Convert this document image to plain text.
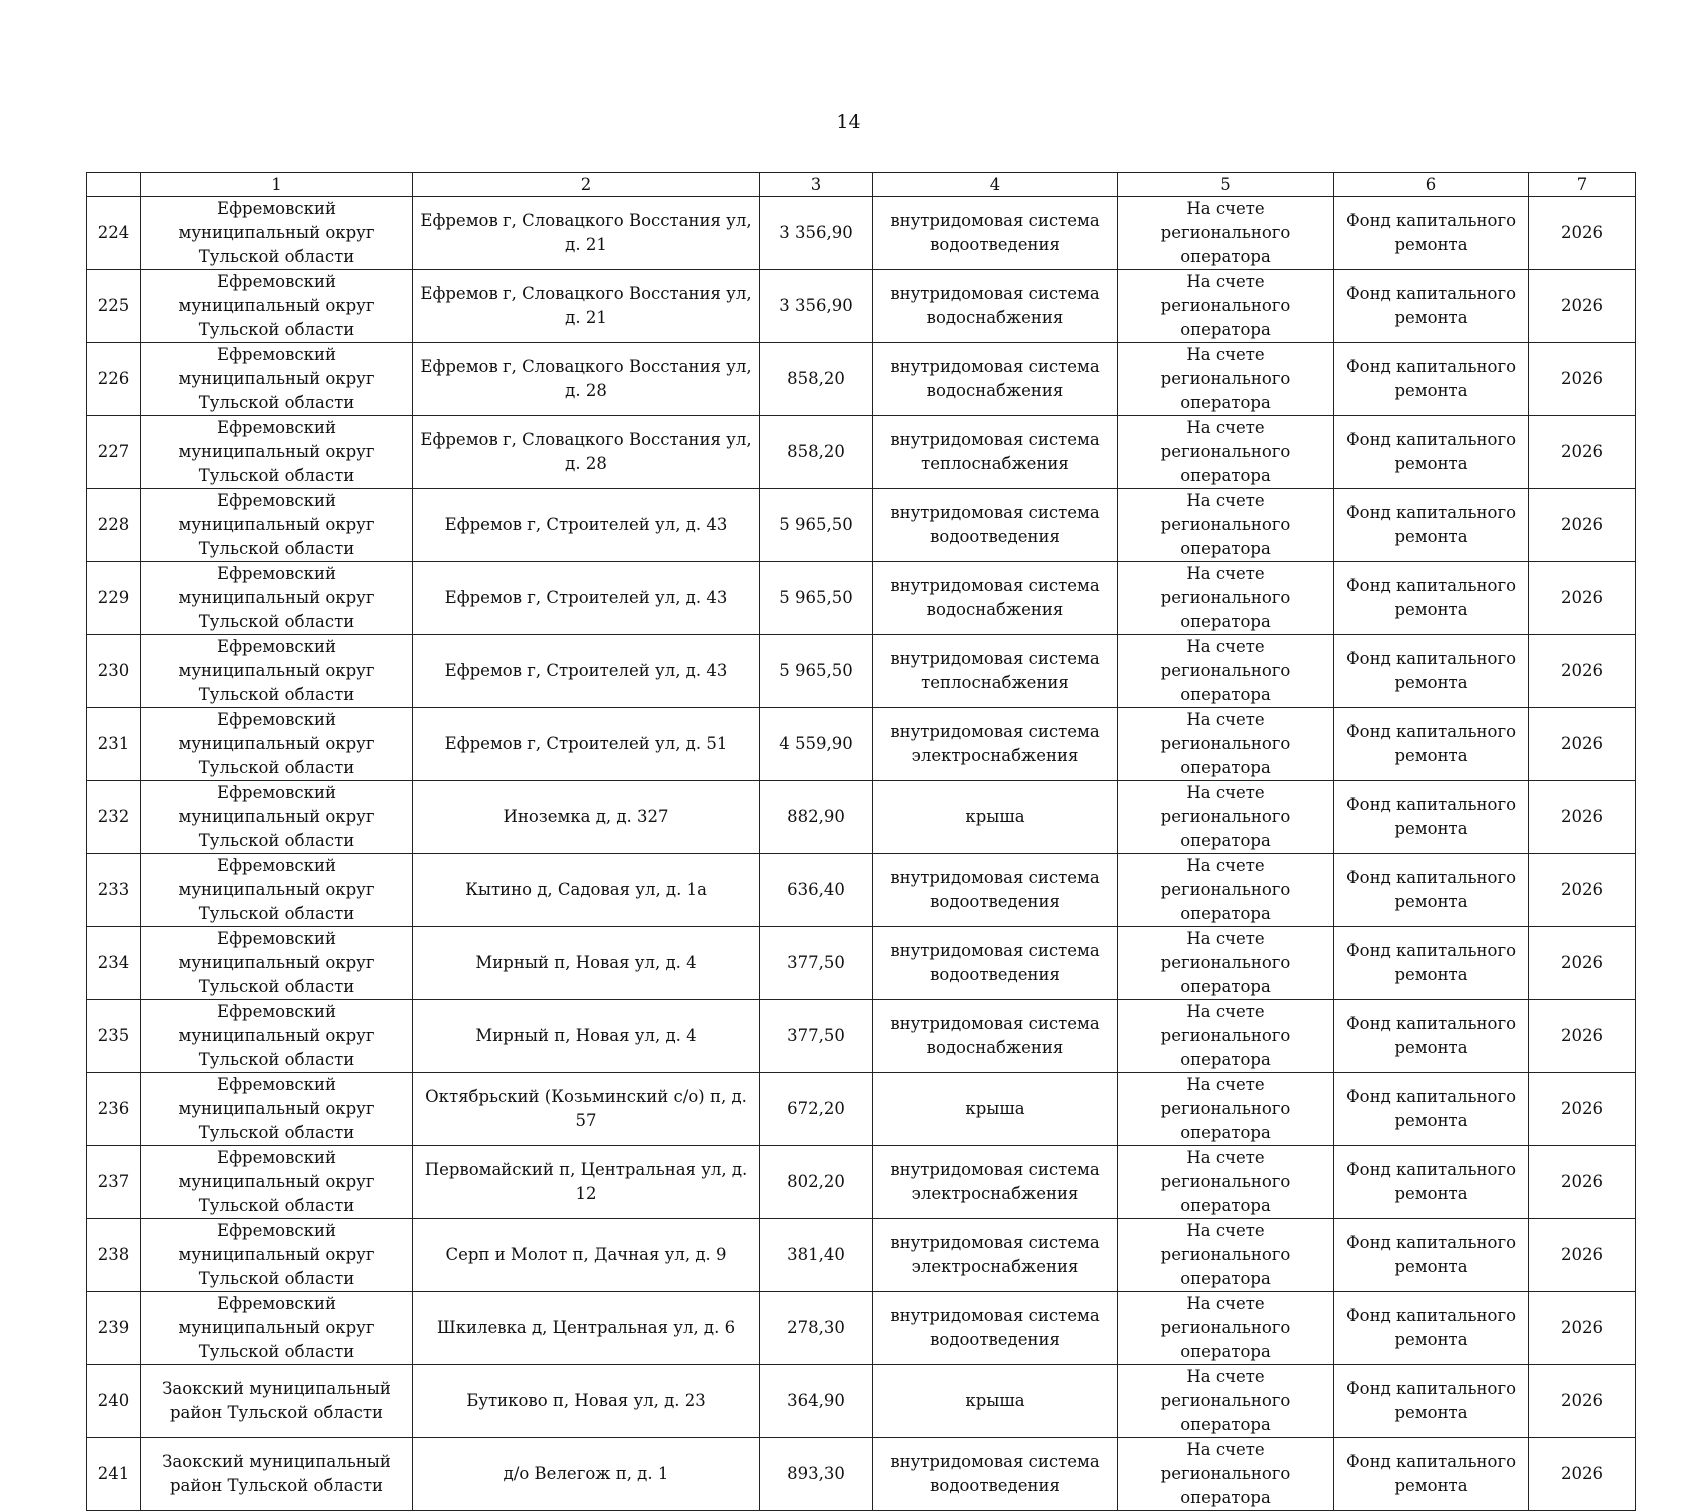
14
	1	2	3	4	5	6	7
224	Ефремовский муниципальный округ Тульской области	Ефремов г, Словацкого Восстания ул, д. 21	3 356,90	внутридомовая система водоотведения	На счете регионального оператора	Фонд капитального ремонта	2026
225	Ефремовский муниципальный округ Тульской области	Ефремов г, Словацкого Восстания ул, д. 21	3 356,90	внутридомовая система водоснабжения	На счете регионального оператора	Фонд капитального ремонта	2026
226	Ефремовский муниципальный округ Тульской области	Ефремов г, Словацкого Восстания ул, д. 28	858,20	внутридомовая система водоснабжения	На счете регионального оператора	Фонд капитального ремонта	2026
227	Ефремовский муниципальный округ Тульской области	Ефремов г, Словацкого Восстания ул, д. 28	858,20	внутридомовая система теплоснабжения	На счете регионального оператора	Фонд капитального ремонта	2026
228	Ефремовский муниципальный округ Тульской области	Ефремов г, Строителей ул, д. 43	5 965,50	внутридомовая система водоотведения	На счете регионального оператора	Фонд капитального ремонта	2026
229	Ефремовский муниципальный округ Тульской области	Ефремов г, Строителей ул, д. 43	5 965,50	внутридомовая система водоснабжения	На счете регионального оператора	Фонд капитального ремонта	2026
230	Ефремовский муниципальный округ Тульской области	Ефремов г, Строителей ул, д. 43	5 965,50	внутридомовая система теплоснабжения	На счете регионального оператора	Фонд капитального ремонта	2026
231	Ефремовский муниципальный округ Тульской области	Ефремов г, Строителей ул, д. 51	4 559,90	внутридомовая система электроснабжения	На счете регионального оператора	Фонд капитального ремонта	2026
232	Ефремовский муниципальный округ Тульской области	Иноземка д, д. 327	882,90	крыша	На счете регионального оператора	Фонд капитального ремонта	2026
233	Ефремовский муниципальный округ Тульской области	Кытино д, Садовая ул, д. 1а	636,40	внутридомовая система водоотведения	На счете регионального оператора	Фонд капитального ремонта	2026
234	Ефремовский муниципальный округ Тульской области	Мирный п, Новая ул, д. 4	377,50	внутридомовая система водоотведения	На счете регионального оператора	Фонд капитального ремонта	2026
235	Ефремовский муниципальный округ Тульской области	Мирный п, Новая ул, д. 4	377,50	внутридомовая система водоснабжения	На счете регионального оператора	Фонд капитального ремонта	2026
236	Ефремовский муниципальный округ Тульской области	Октябрьский (Козьминский с/о) п, д. 57	672,20	крыша	На счете регионального оператора	Фонд капитального ремонта	2026
237	Ефремовский муниципальный округ Тульской области	Первомайский п, Центральная ул, д. 12	802,20	внутридомовая система электроснабжения	На счете регионального оператора	Фонд капитального ремонта	2026
238	Ефремовский муниципальный округ Тульской области	Серп и Молот п, Дачная ул, д. 9	381,40	внутридомовая система электроснабжения	На счете регионального оператора	Фонд капитального ремонта	2026
239	Ефремовский муниципальный округ Тульской области	Шкилевка д, Центральная ул, д. 6	278,30	внутридомовая система водоотведения	На счете регионального оператора	Фонд капитального ремонта	2026
240	Заокский муниципальный район Тульской области	Бутиково п, Новая ул, д. 23	364,90	крыша	На счете регионального оператора	Фонд капитального ремонта	2026
241	Заокский муниципальный район Тульской области	д/о Велегож п, д. 1	893,30	внутридомовая система водоотведения	На счете регионального оператора	Фонд капитального ремонта	2026
